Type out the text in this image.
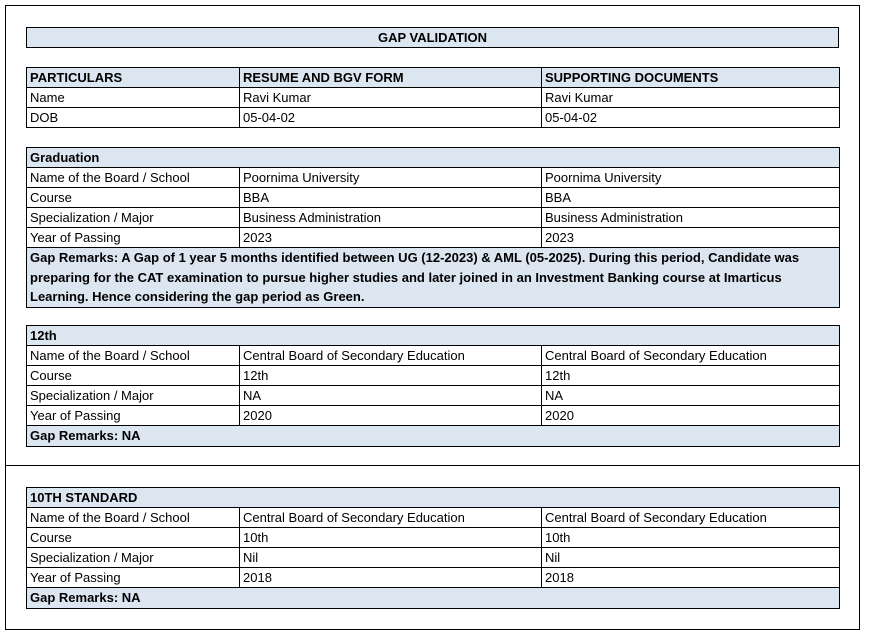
GAP VALIDATION
PARTICULARS	RESUME AND BGV FORM	SUPPORTING DOCUMENTS
Name	Ravi Kumar	Ravi Kumar
DOB	05-04-02	05-04-02
Graduation		
Name of the Board / School	Poornima University	Poornima University
Course	BBA	BBA
Specialization / Major	Business Administration	Business Administration
Year of Passing	2023	2023
Gap Remarks: A Gap of 1 year 5 months identified between UG (12-2023) & AML (05-2025). During this period, Candidate was preparing for the CAT examination to pursue higher studies and later joined in an Investment Banking course at Imarticus Learning. Hence considering the gap period as Green.		
12th		
Name of the Board / School	Central Board of Secondary Education	Central Board of Secondary Education
Course	12th	12th
Specialization / Major	NA	NA
Year of Passing	2020	2020
Gap Remarks: NA		
10TH STANDARD		
Name of the Board / School	Central Board of Secondary Education	Central Board of Secondary Education
Course	10th	10th
Specialization / Major	Nil	Nil
Year of Passing	2018	2018
Gap Remarks: NA		
